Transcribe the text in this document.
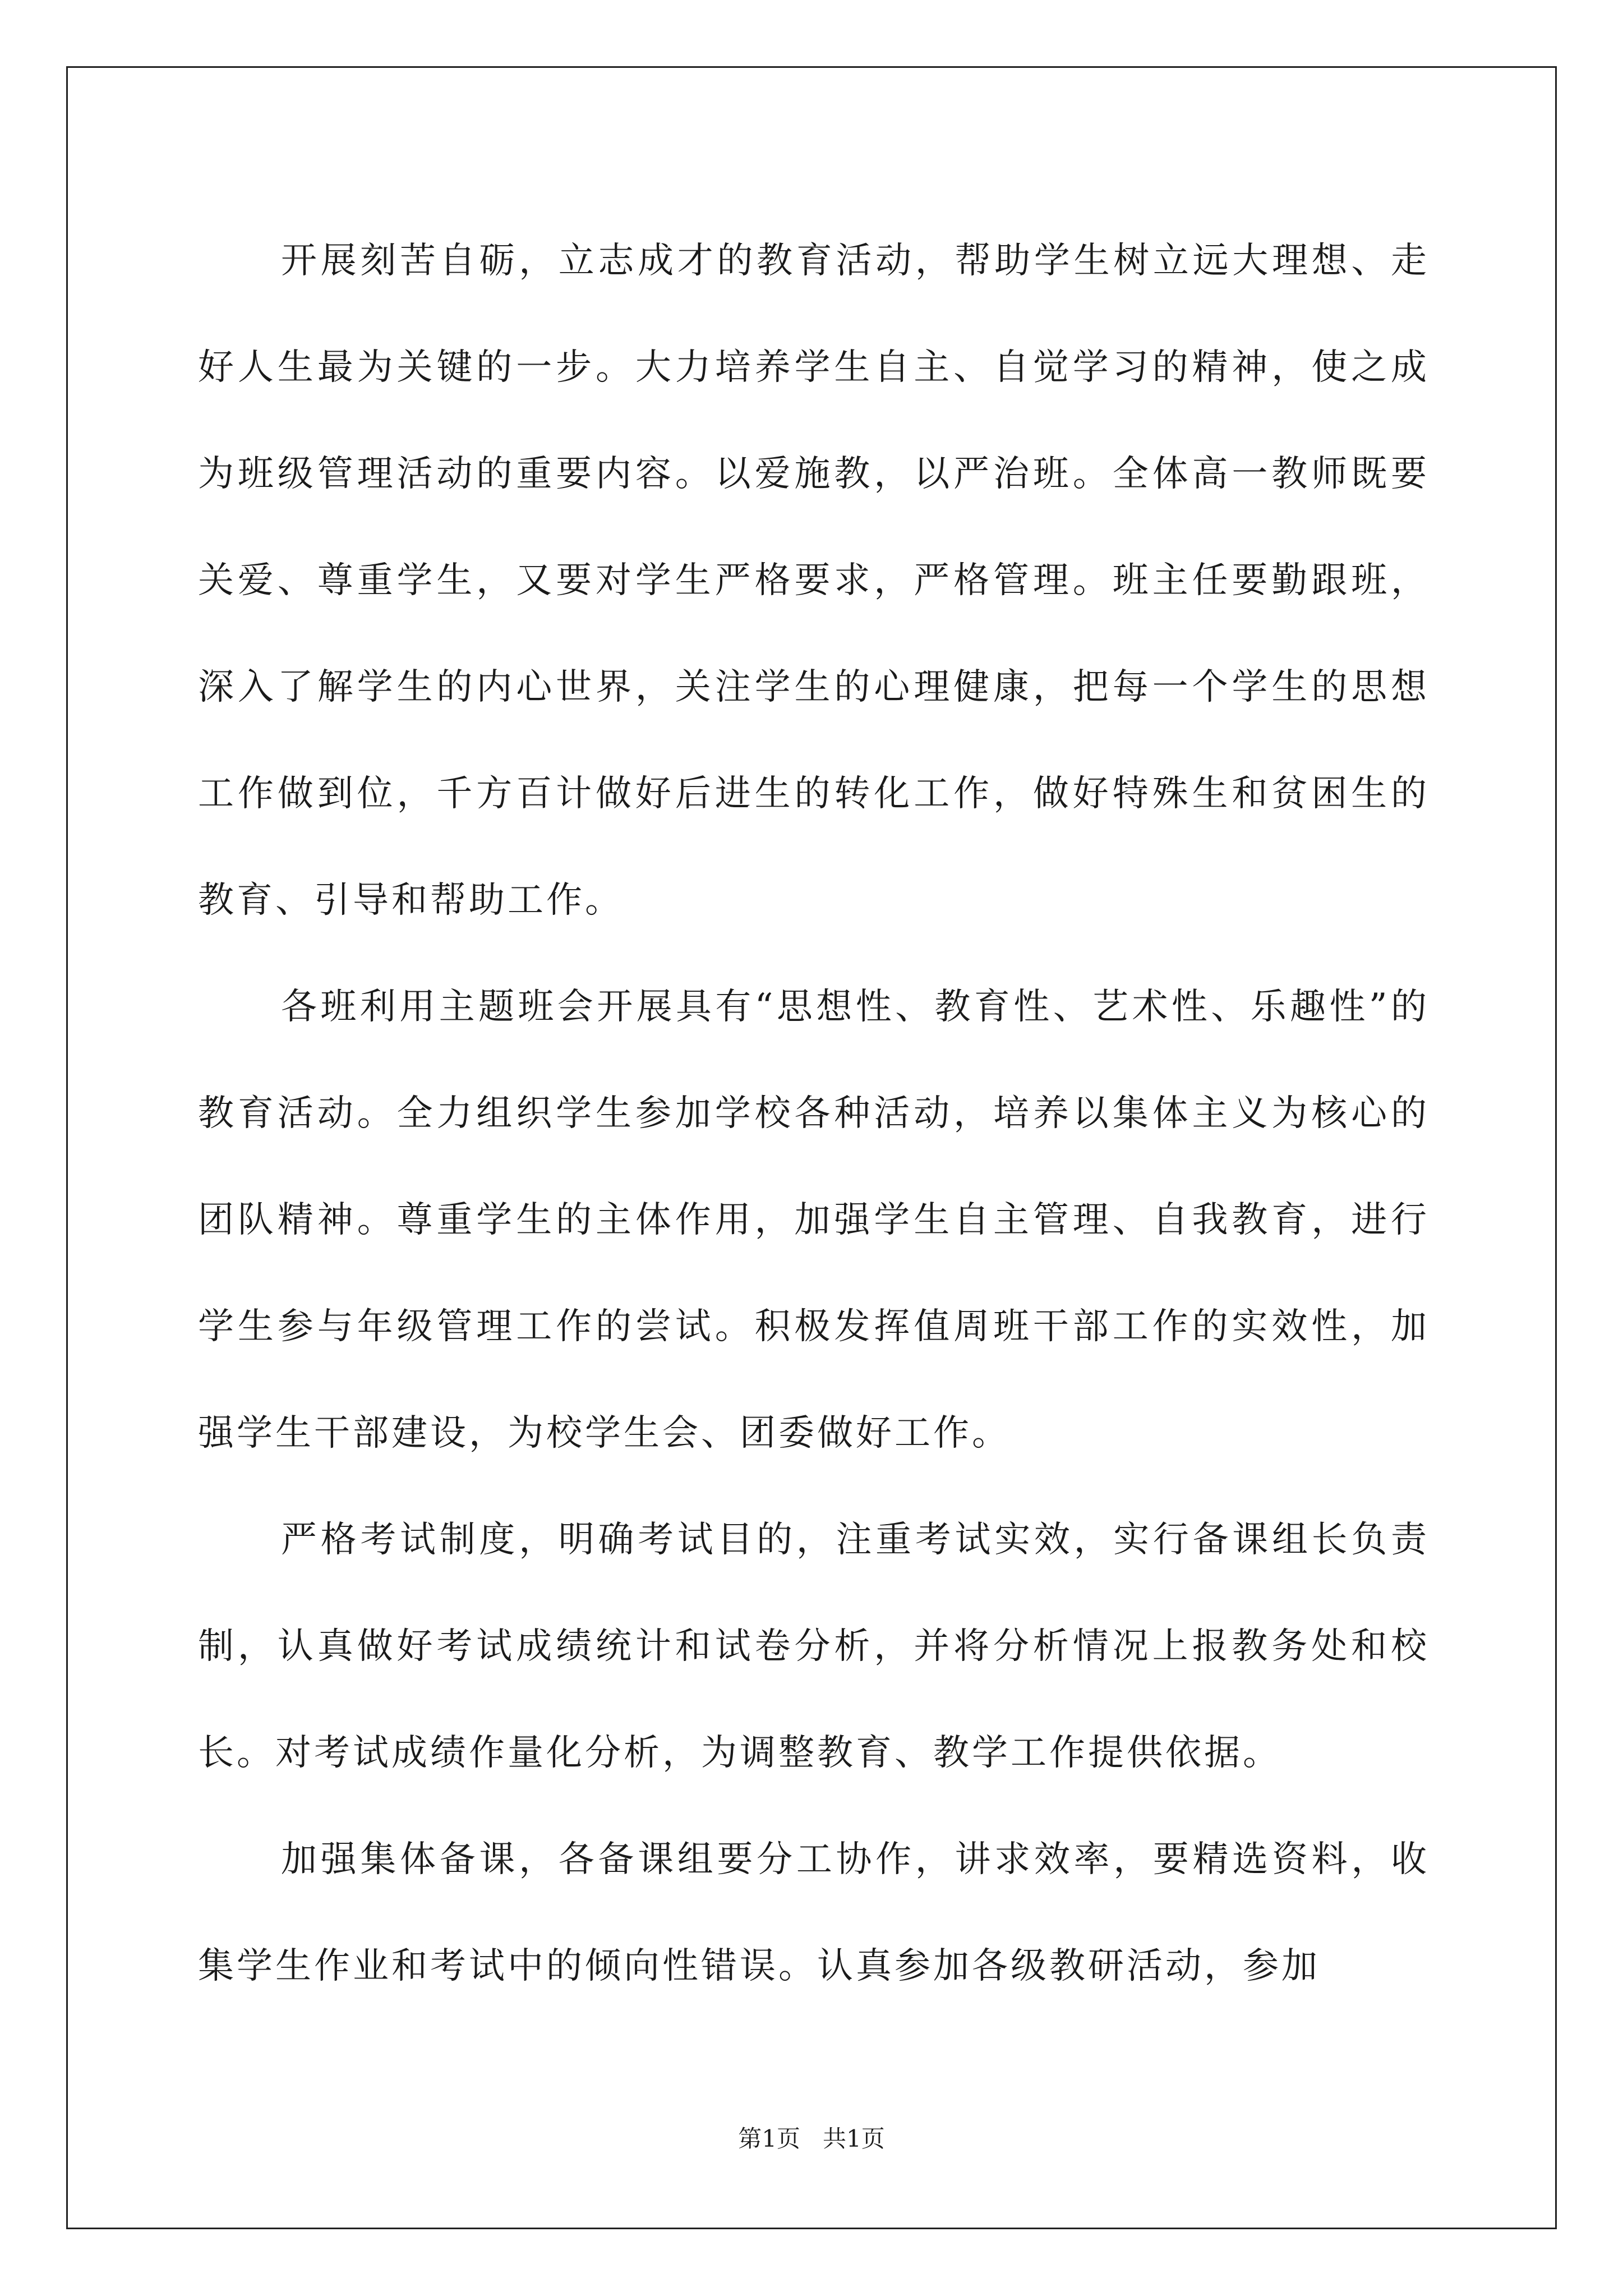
开展刻苦自砺，立志成才的教育活动，帮助学生树立远大理想、走好人生最为关键的一步。大力培养学生自主、自觉学习的精神，使之成为班级管理活动的重要内容。以爱施教，以严治班。全体高一教师既要关爱、尊重学生，又要对学生严格要求，严格管理。班主任要勤跟班，深入了解学生的内心世界，关注学生的心理健康，把每一个学生的思想工作做到位，千方百计做好后进生的转化工作，做好特殊生和贫困生的教育、引导和帮助工作。

各班利用主题班会开展具有“思想性、教育性、艺术性、乐趣性”的教育活动。全力组织学生参加学校各种活动，培养以集体主义为核心的团队精神。尊重学生的主体作用，加强学生自主管理、自我教育，进行学生参与年级管理工作的尝试。积极发挥值周班干部工作的实效性，加强学生干部建设，为校学生会、团委做好工作。

严格考试制度，明确考试目的，注重考试实效，实行备课组长负责制，认真做好考试成绩统计和试卷分析，并将分析情况上报教务处和校长。对考试成绩作量化分析，为调整教育、教学工作提供依据。

加强集体备课，各备课组要分工协作，讲求效率，要精选资料，收集学生作业和考试中的倾向性错误。认真参加各级教研活动，参加

第1页   共1页
